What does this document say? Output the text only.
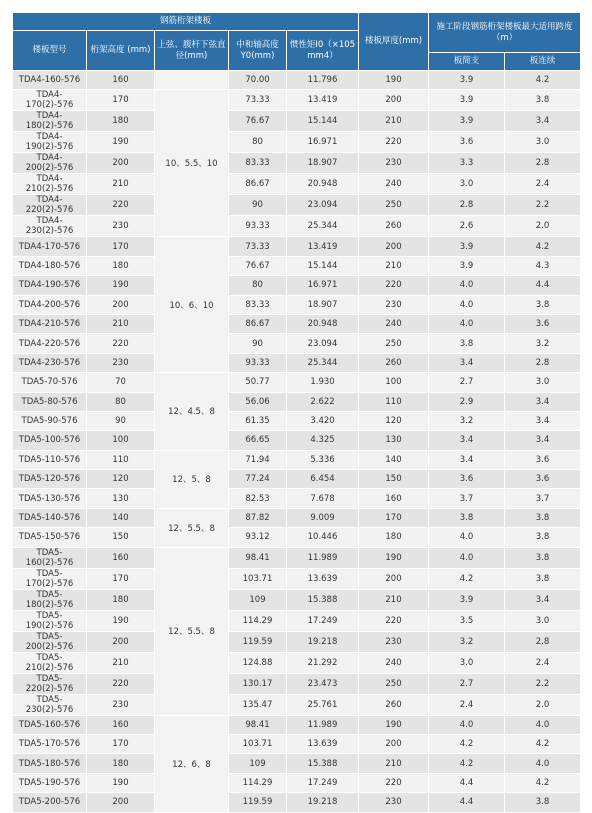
钢筋桁架楼板					楼板厚度(mm)	施工阶段钢筋桁架楼板最大适用跨度（m）	
楼板型号	桁架高度 (mm)	上弦、腹杆下弦直径(mm)	中和轴高度Y0(mm)	惯性矩I0（×105 mm4）			
						板简支	板连续
TDA4-160-576	160		70.00	11.796	190	3.9	4.2
TDA4-170(2)-576	170	10、5.5、10	73.33	13.419	200	3.9	3.8
TDA4-180(2)-576	180		76.67	15.144	210	3.9	3.4
TDA4-190(2)-576	190		80	16.971	220	3.6	3.0
TDA4-200(2)-576	200		83.33	18.907	230	3.3	2.8
TDA4-210(2)-576	210		86.67	20.948	240	3.0	2.4
TDA4-220(2)-576	220		90	23.094	250	2.8	2.2
TDA4-230(2)-576	230		93.33	25.344	260	2.6	2.0
TDA4-170-576	170	10、6、10	73.33	13.419	200	3.9	4.2
TDA4-180-576	180		76.67	15.144	210	3.9	4.3
TDA4-190-576	190		80	16.971	220	4.0	4.4
TDA4-200-576	200		83.33	18.907	230	4.0	3.8
TDA4-210-576	210		86.67	20.948	240	4.0	3.6
TDA4-220-576	220		90	23.094	250	3.8	3.2
TDA4-230-576	230		93.33	25.344	260	3.4	2.8
TDA5-70-576	70	12、4.5、8	50.77	1.930	100	2.7	3.0
TDA5-80-576	80		56.06	2.622	110	2.9	3.4
TDA5-90-576	90		61.35	3.420	120	3.2	3.4
TDA5-100-576	100		66.65	4.325	130	3.4	3.4
TDA5-110-576	110	12、5、8	71.94	5.336	140	3.4	3.6
TDA5-120-576	120		77.24	6.454	150	3.6	3.6
TDA5-130-576	130		82.53	7.678	160	3.7	3.7
TDA5-140-576	140	12、5.5、8	87.82	9.009	170	3.8	3.8
TDA5-150-576	150		93.12	10.446	180	4.0	3.8
TDA5-160(2)-576	160	12、5.5、8	98.41	11.989	190	4.0	3.8
TDA5-170(2)-576	170		103.71	13.639	200	4.2	3.8
TDA5-180(2)-576	180		109	15.388	210	3.9	3.4
TDA5-190(2)-576	190		114.29	17.249	220	3.5	3.0
TDA5-200(2)-576	200		119.59	19.218	230	3.2	2.8
TDA5-210(2)-576	210		124.88	21.292	240	3.0	2.4
TDA5-220(2)-576	220		130.17	23.473	250	2.7	2.2
TDA5-230(2)-576	230		135.47	25.761	260	2.4	2.0
TDA5-160-576	160	12、6、8	98.41	11.989	190	4.0	4.0
TDA5-170-576	170		103.71	13.639	200	4.2	4.2
TDA5-180-576	180		109	15.388	210	4.2	4.0
TDA5-190-576	190		114.29	17.249	220	4.4	4.2
TDA5-200-576	200		119.59	19.218	230	4.4	3.8
